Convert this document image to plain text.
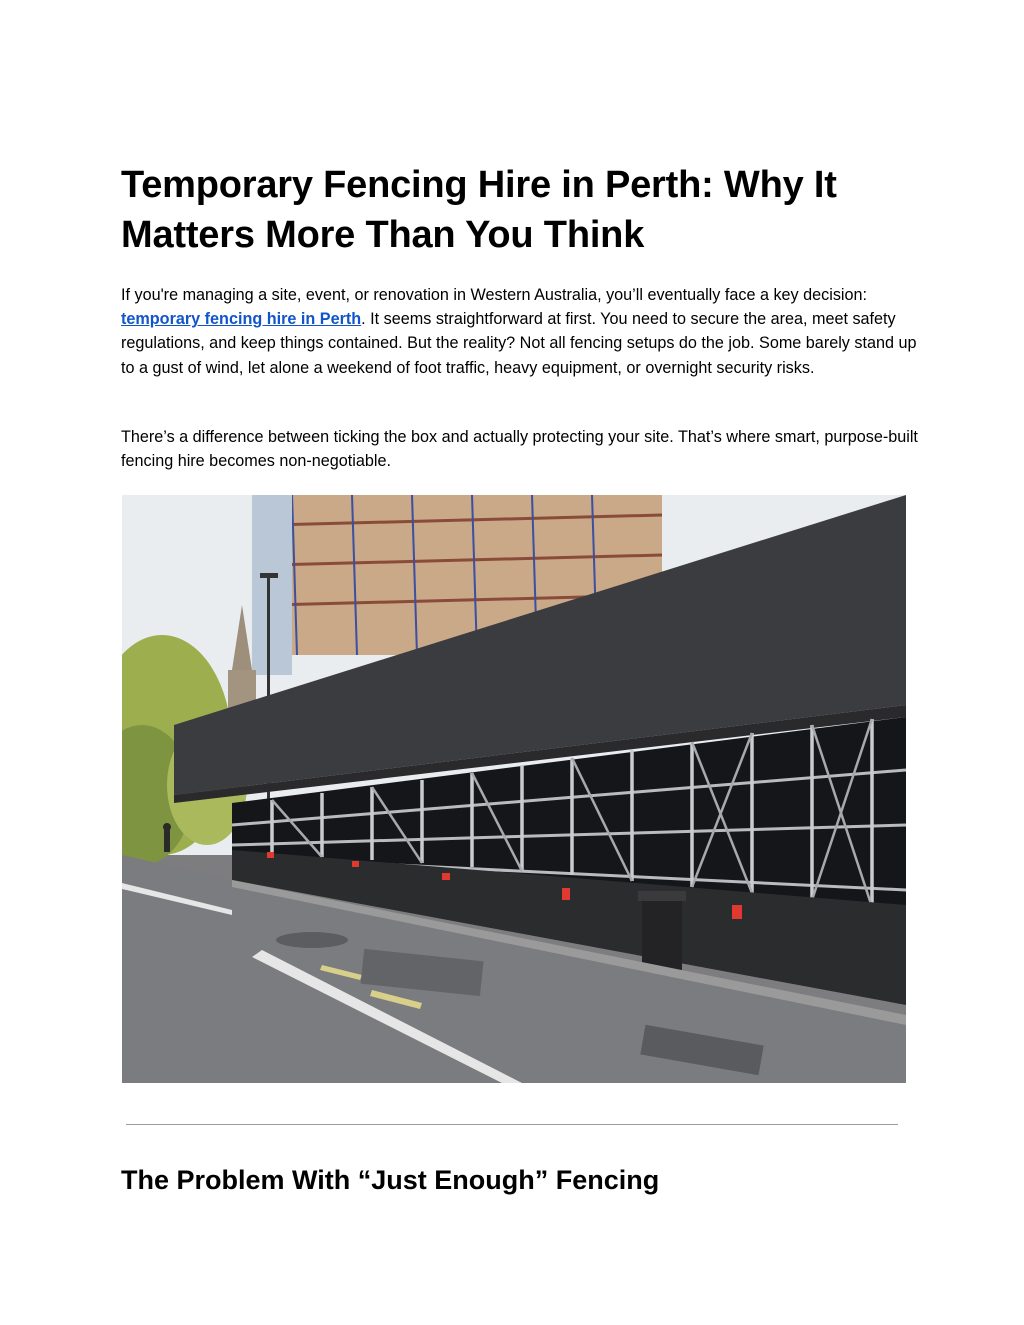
Temporary Fencing Hire in Perth: Why It Matters More Than You Think

If you're managing a site, event, or renovation in Western Australia, you’ll eventually face a key decision: temporary fencing hire in Perth. It seems straightforward at first. You need to secure the area, meet safety regulations, and keep things contained. But the reality? Not all fencing setups do the job. Some barely stand up to a gust of wind, let alone a weekend of foot traffic, heavy equipment, or overnight security risks.

There’s a difference between ticking the box and actually protecting your site. That’s where smart, purpose-built fencing hire becomes non-negotiable.

The Problem With “Just Enough” Fencing
